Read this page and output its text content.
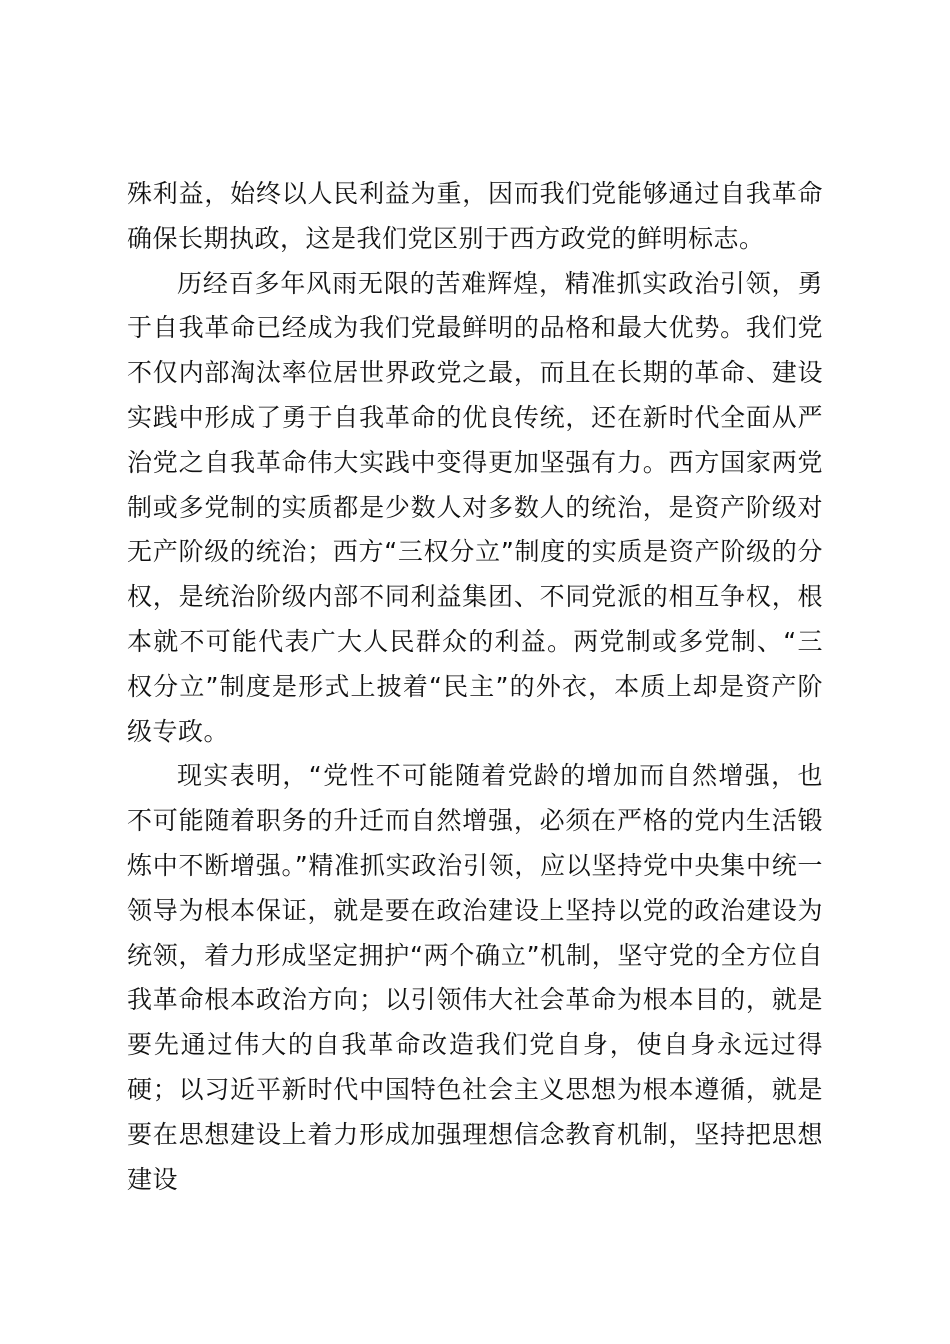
殊利益，始终以人民利益为重，因而我们党能够通过自我革命确保长期执政，这是我们党区别于西方政党的鲜明标志。

历经百多年风雨无限的苦难辉煌，精准抓实政治引领，勇于自我革命已经成为我们党最鲜明的品格和最大优势。我们党不仅内部淘汰率位居世界政党之最，而且在长期的革命、建设实践中形成了勇于自我革命的优良传统，还在新时代全面从严治党之自我革命伟大实践中变得更加坚强有力。西方国家两党制或多党制的实质都是少数人对多数人的统治，是资产阶级对无产阶级的统治；西方“三权分立”制度的实质是资产阶级的分权，是统治阶级内部不同利益集团、不同党派的相互争权，根本就不可能代表广大人民群众的利益。两党制或多党制、“三权分立”制度是形式上披着“民主”的外衣，本质上却是资产阶级专政。

现实表明，“党性不可能随着党龄的增加而自然增强，也不可能随着职务的升迁而自然增强，必须在严格的党内生活锻炼中不断增强。”精准抓实政治引领，应以坚持党中央集中统一领导为根本保证，就是要在政治建设上坚持以党的政治建设为统领，着力形成坚定拥护“两个确立”机制，坚守党的全方位自我革命根本政治方向；以引领伟大社会革命为根本目的，就是要先通过伟大的自我革命改造我们党自身，使自身永远过得硬；以习近平新时代中国特色社会主义思想为根本遵循，就是要在思想建设上着力形成加强理想信念教育机制，坚持把思想建设
